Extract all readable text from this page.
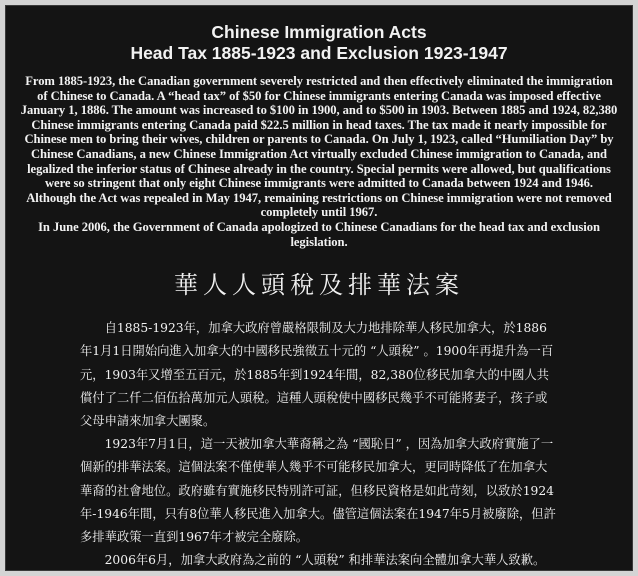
Chinese Immigration Acts
Head Tax 1885-1923 and Exclusion 1923-1947

From 1885-1923, the Canadian government severely restricted and then effectively eliminated the immigration of Chinese to Canada. A “head tax” of $50 for Chinese immigrants entering Canada was imposed effective January 1, 1886. The amount was increased to $100 in 1900, and to $500 in 1903. Between 1885 and 1924, 82,380 Chinese immigrants entering Canada paid $22.5 million in head taxes. The tax made it nearly impossible for Chinese men to bring their wives, children or parents to Canada. On July 1, 1923, called “Humiliation Day” by Chinese Canadians, a new Chinese Immigration Act virtually excluded Chinese immigration to Canada, and legalized the inferior status of Chinese already in the country. Special permits were allowed, but qualifications were so stringent that only eight Chinese immigrants were admitted to Canada between 1924 and 1946. Although the Act was repealed in May 1947, remaining restrictions on Chinese immigration were not removed completely until 1967.

In June 2006, the Government of Canada apologized to Chinese Canadians for the head tax and exclusion legislation.

華人人頭稅及排華法案

自1885-1923年，加拿大政府曾嚴格限制及大力地排除華人移民加拿大，於1886年1月1日開始向進入加拿大的中國移民強徵五十元的 “人頭稅” 。1900年再提升為一百元，1903年又增至五百元，於1885年到1924年間，82,380位移民加拿大的中國人共償付了二仟二佰伍拾萬加元人頭稅。這種人頭稅使中國移民幾乎不可能將妻子，孩子或父母申請來加拿大團聚。

1923年7月1日，這一天被加拿大華裔稱之為 “國恥日” ，因為加拿大政府實施了一個新的排華法案。這個法案不僅使華人幾乎不可能移民加拿大，更同時降低了在加拿大華裔的社會地位。政府雖有實施移民特別許可証，但移民資格是如此苛刻，以致於1924年-1946年間，只有8位華人移民進入加拿大。儘管這個法案在1947年5月被廢除，但許多排華政策一直到1967年才被完全廢除。

2006年6月，加拿大政府為之前的 “人頭稅” 和排華法案向全體加拿大華人致歉。
